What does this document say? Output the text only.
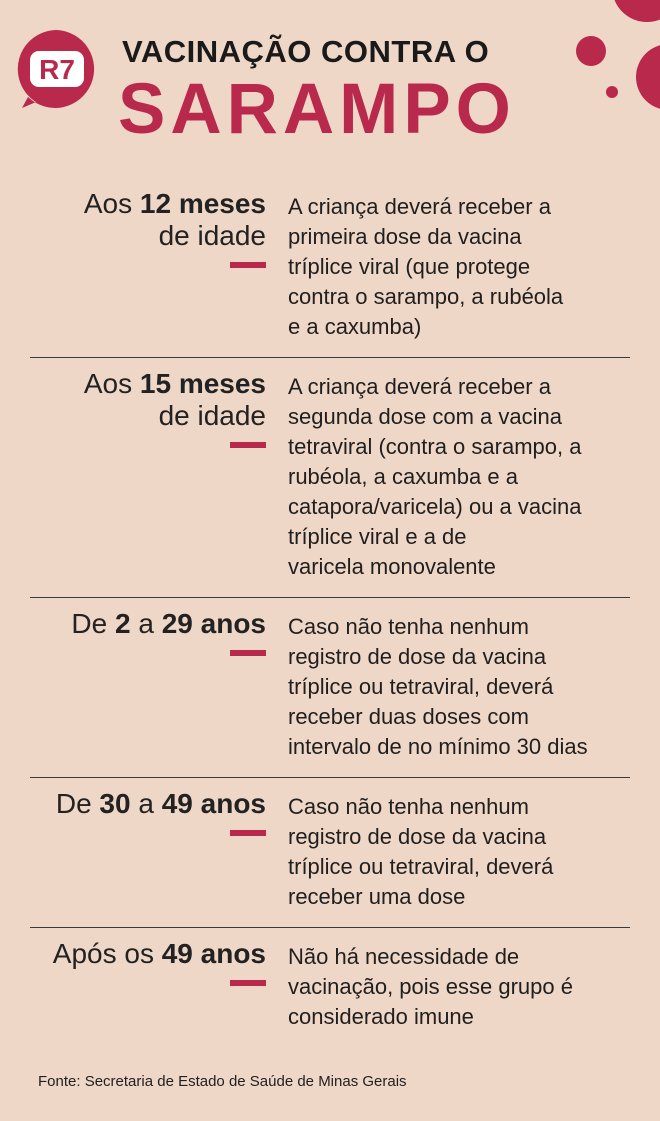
R7
VACINAÇÃO CONTRA O
SARAMPO
Aos 12 meses
de idade
A criança deverá receber a
primeira dose da vacina
tríplice viral (que protege
contra o sarampo, a rubéola
e a caxumba)
Aos 15 meses
de idade
A criança deverá receber a
segunda dose com a vacina
tetraviral (contra o sarampo, a
rubéola, a caxumba e a
catapora/varicela) ou a vacina
tríplice viral e a de
varicela monovalente
De 2 a 29 anos Caso não tenha nenhum
registro de dose da vacina
tríplice ou tetraviral, deverá
receber duas doses com
intervalo de no mínimo 30 dias
De 30 a 49 anos Caso não tenha nenhum
registro de dose da vacina
tríplice ou tetraviral, deverá
receber uma dose
Após os 49 anos Não há necessidade de
vacinação, pois esse grupo é
considerado imune
Fonte: Secretaria de Estado de Saúde de Minas Gerais
